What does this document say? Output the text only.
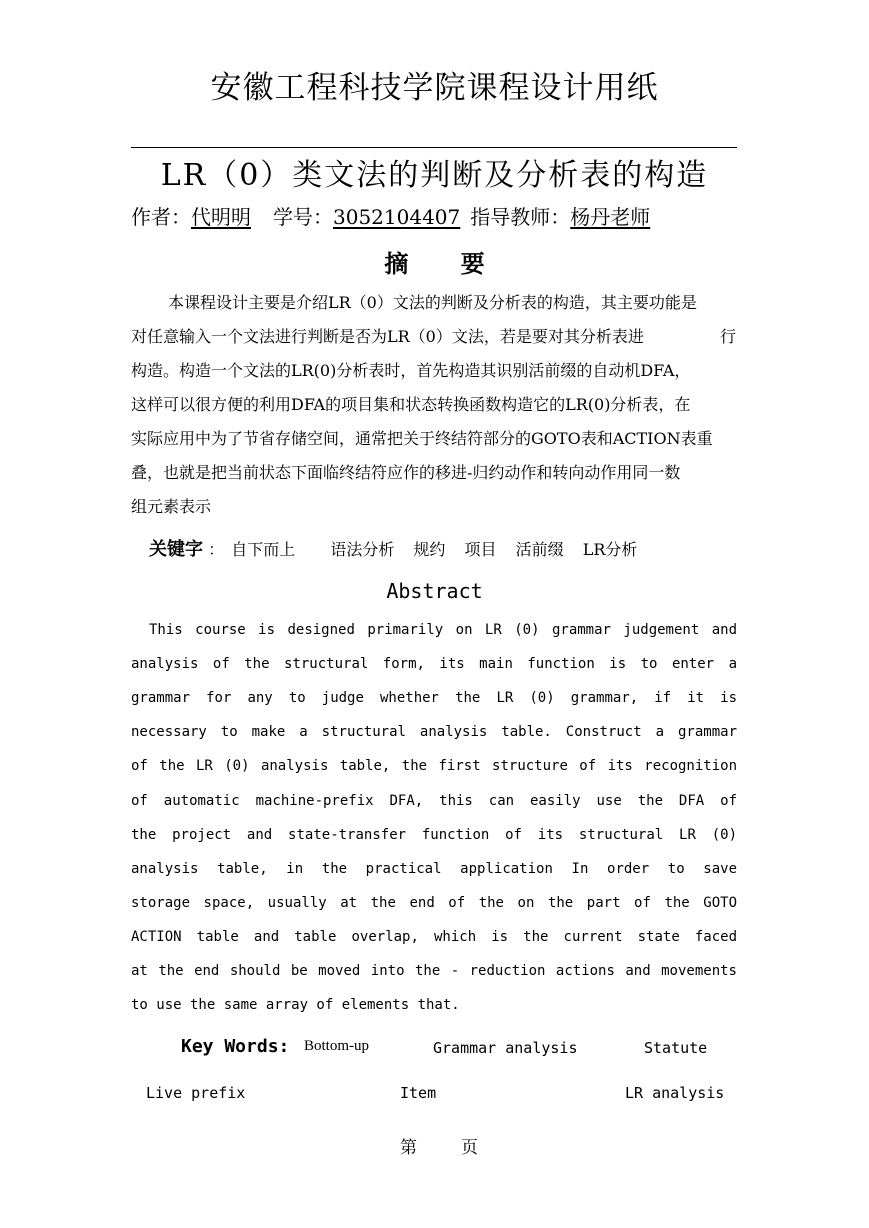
安徽工程科技学院课程设计用纸
LR（0）类文法的判断及分析表的构造
作者：代明明 学号：3052104407 指导教师：杨丹老师
摘 要
本课程设计主要是介绍LR（0）文法的判断及分析表的构造，其主要功能是
对任意输入一个文法进行判断是否为LR（0）文法，若是要对其分析表进	行
构造。构造一个文法的LR(0)分析表时，首先构造其识别活前缀的自动机DFA，
这样可以很方便的利用DFA的项目集和状态转换函数构造它的LR(0)分析表，在
实际应用中为了节省存储空间，通常把关于终结符部分的GOTO表和ACTION表重
叠，也就是把当前状态下面临终结符应作的移进-归约动作和转向动作用同一数
组元素表示
关键字 ： 自下而上 语法分析 规约 项目 活前缀 LR分析
Abstract
This course is designed primarily on LR (0) grammar judgement and
analysis of the structural form, its main function is to enter a
grammar for any to judge whether the LR (0) grammar, if it is
necessary to make a structural analysis table. Construct a grammar
of the LR (0) analysis table, the first structure of its recognition
of automatic machine-prefix DFA, this can easily use the DFA of
the project and state-transfer function of its structural LR (0)
analysis table, in the practical application In order to save
storage space, usually at the end of the on the part of the GOTO
ACTION table and table overlap, which is the current state faced
at the end should be moved into the - reduction actions and movements
to use the same array of elements that.
Key Words: Bottom-up	Grammar analysis	Statute
Live prefix	Item	LR analysis
第	页
